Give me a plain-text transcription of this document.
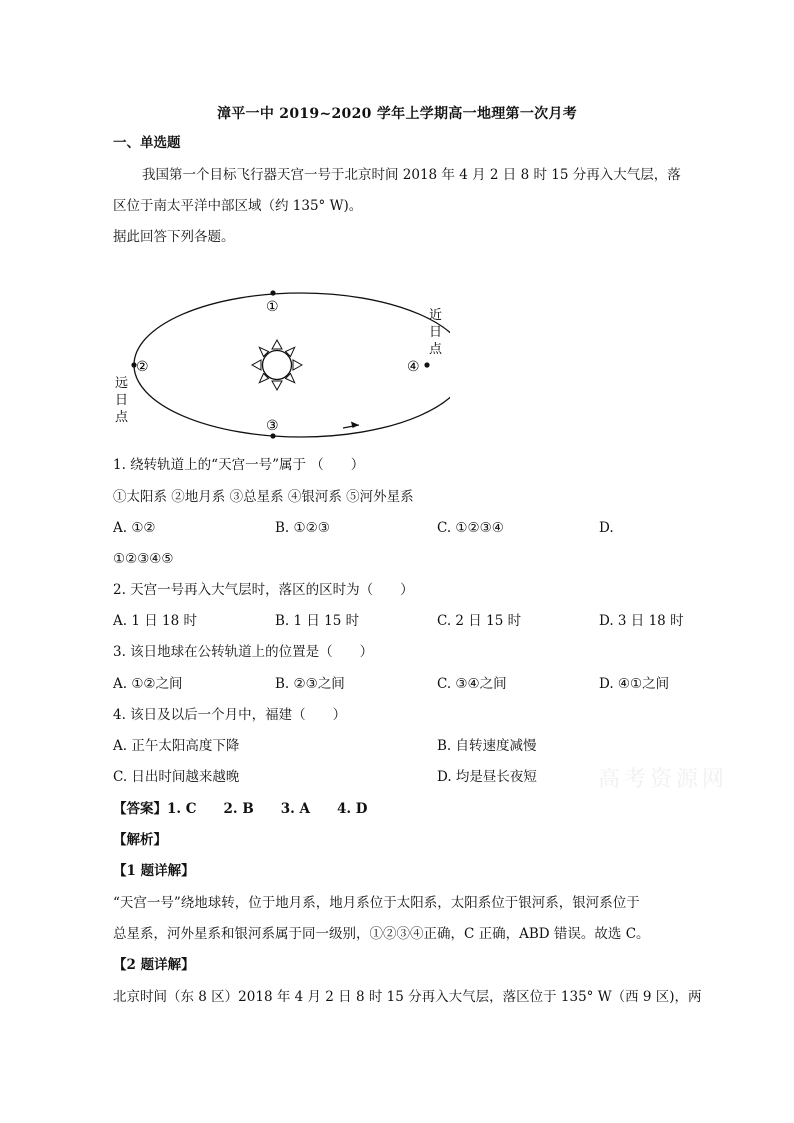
漳平一中 2019~2020 学年上学期高一地理第一次月考
一、单选题
我国第一个目标飞行器天宫一号于北京时间 2018 年 4 月 2 日 8 时 15 分再入大气层，落
区位于南太平洋中部区域（约 135° W)。
据此回答下列各题。
①
②
③
④
近
日
点
远
日
点
1. 绕转轨道上的“天宫一号”属于 （　　）
①太阳系 ②地月系 ③总星系 ④银河系 ⑤河外星系
A. ①②	B. ①②③	C. ①②③④	D.
①②③④⑤
2. 天宫一号再入大气层时，落区的区时为（　　）
A. 1 日 18 时	B. 1 日 15 时	C. 2 日 15 时	D. 3 日 18 时
3. 该日地球在公转轨道上的位置是（　　）
A. ①②之间	B. ②③之间	C. ③④之间	D. ④①之间
4. 该日及以后一个月中，福建（　　）
A. 正午太阳高度下降	B. 自转速度减慢
C. 日出时间越来越晚	D. 均是昼长夜短	高考资源网
【答案】1. C　　2. B　　3. A　　4. D
【解析】
【1 题详解】
“天宫一号”绕地球转，位于地月系，地月系位于太阳系，太阳系位于银河系，银河系位于
总星系，河外星系和银河系属于同一级别，①②③④正确，C 正确，ABD 错误。故选 C。
【2 题详解】
北京时间（东 8 区）2018 年 4 月 2 日 8 时 15 分再入大气层，落区位于 135° W（西 9 区)，两
